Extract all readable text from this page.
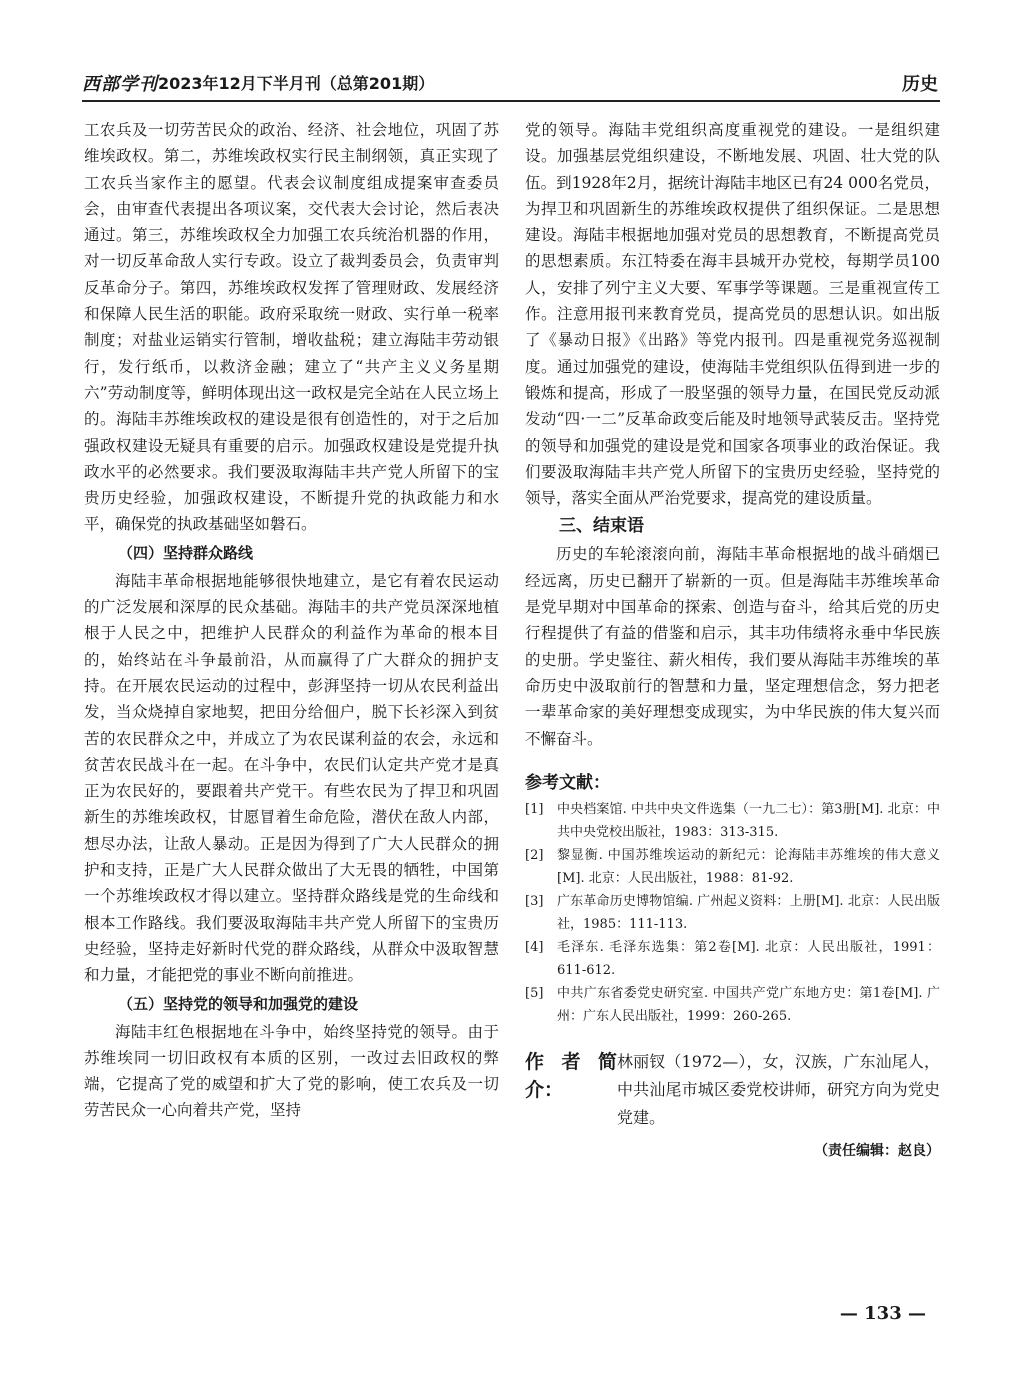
西部学刊 2023年12月下半月刊（总第201期）	历史

工农兵及一切劳苦民众的政治、经济、社会地位，巩固了苏维埃政权。第二，苏维埃政权实行民主制纲领，真正实现了工农兵当家作主的愿望。代表会议制度组成提案审查委员会，由审查代表提出各项议案，交代表大会讨论，然后表决通过。第三，苏维埃政权全力加强工农兵统治机器的作用，对一切反革命敌人实行专政。设立了裁判委员会，负责审判反革命分子。第四，苏维埃政权发挥了管理财政、发展经济和保障人民生活的职能。政府采取统一财政、实行单一税率制度；对盐业运销实行管制，增收盐税；建立海陆丰劳动银行，发行纸币，以救济金融；建立了“共产主义义务星期六”劳动制度等，鲜明体现出这一政权是完全站在人民立场上的。海陆丰苏维埃政权的建设是很有创造性的，对于之后加强政权建设无疑具有重要的启示。加强政权建设是党提升执政水平的必然要求。我们要汲取海陆丰共产党人所留下的宝贵历史经验，加强政权建设，不断提升党的执政能力和水平，确保党的执政基础坚如磐石。

（四）坚持群众路线

海陆丰革命根据地能够很快地建立，是它有着农民运动的广泛发展和深厚的民众基础。海陆丰的共产党员深深地植根于人民之中，把维护人民群众的利益作为革命的根本目的，始终站在斗争最前沿，从而赢得了广大群众的拥护支持。在开展农民运动的过程中，彭湃坚持一切从农民利益出发，当众烧掉自家地契，把田分给佃户，脱下长衫深入到贫苦的农民群众之中，并成立了为农民谋利益的农会，永远和贫苦农民战斗在一起。在斗争中，农民们认定共产党才是真正为农民好的，要跟着共产党干。有些农民为了捍卫和巩固新生的苏维埃政权，甘愿冒着生命危险，潜伏在敌人内部，想尽办法，让敌人暴动。正是因为得到了广大人民群众的拥护和支持，正是广大人民群众做出了大无畏的牺牲，中国第一个苏维埃政权才得以建立。坚持群众路线是党的生命线和根本工作路线。我们要汲取海陆丰共产党人所留下的宝贵历史经验，坚持走好新时代党的群众路线，从群众中汲取智慧和力量，才能把党的事业不断向前推进。

（五）坚持党的领导和加强党的建设

海陆丰红色根据地在斗争中，始终坚持党的领导。由于苏维埃同一切旧政权有本质的区别，一改过去旧政权的弊端，它提高了党的威望和扩大了党的影响，使工农兵及一切劳苦民众一心向着共产党，坚持

党的领导。海陆丰党组织高度重视党的建设。一是组织建设。加强基层党组织建设，不断地发展、巩固、壮大党的队伍。到1928年2月，据统计海陆丰地区已有24 000名党员，为捍卫和巩固新生的苏维埃政权提供了组织保证。二是思想建设。海陆丰根据地加强对党员的思想教育，不断提高党员的思想素质。东江特委在海丰县城开办党校，每期学员100人，安排了列宁主义大要、军事学等课题。三是重视宣传工作。注意用报刊来教育党员，提高党员的思想认识。如出版了《暴动日报》《出路》等党内报刊。四是重视党务巡视制度。通过加强党的建设，使海陆丰党组织队伍得到进一步的锻炼和提高，形成了一股坚强的领导力量，在国民党反动派发动“四·一二”反革命政变后能及时地领导武装反击。坚持党的领导和加强党的建设是党和国家各项事业的政治保证。我们要汲取海陆丰共产党人所留下的宝贵历史经验，坚持党的领导，落实全面从严治党要求，提高党的建设质量。

三、结束语

历史的车轮滚滚向前，海陆丰革命根据地的战斗硝烟已经远离，历史已翻开了崭新的一页。但是海陆丰苏维埃革命是党早期对中国革命的探索、创造与奋斗，给其后党的历史行程提供了有益的借鉴和启示，其丰功伟绩将永垂中华民族的史册。学史鉴往、薪火相传，我们要从海陆丰苏维埃的革命历史中汲取前行的智慧和力量，坚定理想信念，努力把老一辈革命家的美好理想变成现实，为中华民族的伟大复兴而不懈奋斗。

参考文献：
[1]	中央档案馆. 中共中央文件选集（一九二七）：第3册[M]. 北京：中共中央党校出版社，1983：313-315.
[2]	黎显衡. 中国苏维埃运动的新纪元：论海陆丰苏维埃的伟大意义[M]. 北京：人民出版社，1988：81-92.
[3]	广东革命历史博物馆编. 广州起义资料：上册[M]. 北京：人民出版社，1985：111-113.
[4]	毛泽东. 毛泽东选集：第2卷[M]. 北京：人民出版社，1991：611-612.
[5]	中共广东省委党史研究室. 中国共产党广东地方史：第1卷[M]. 广州：广东人民出版社，1999：260-265.
作者简介：
林丽钗（1972—），女，汉族，广东汕尾人，中共汕尾市城区委党校讲师，研究方向为党史党建。
（责任编辑：赵良）
— 133 —
